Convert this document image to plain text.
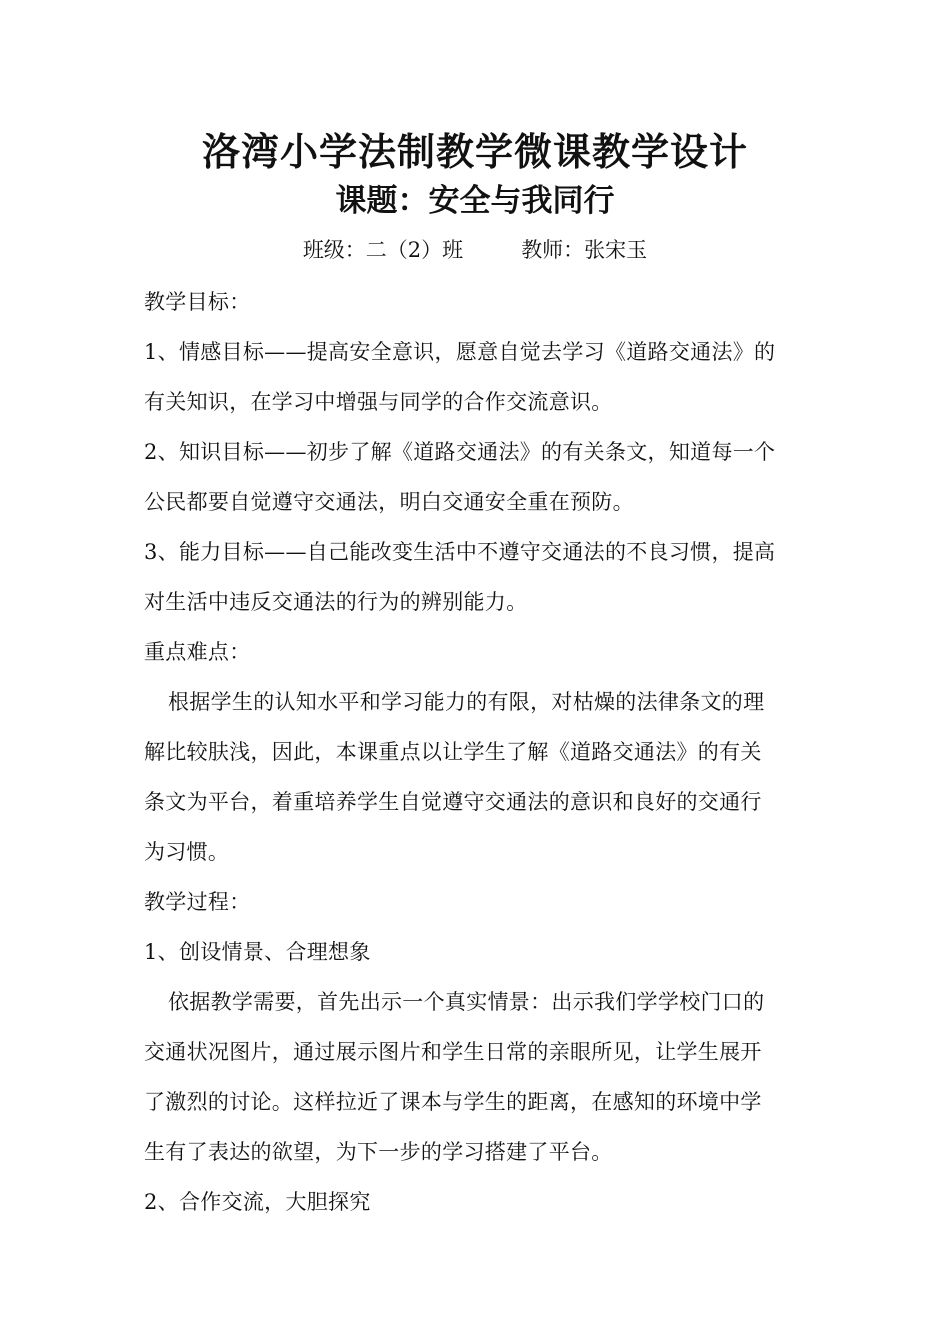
洛湾小学法制教学微课教学设计
课题：安全与我同行
班级：二（2）班	教师：张宋玉
教学目标：
1、情感目标——提高安全意识，愿意自觉去学习《道路交通法》的
有关知识，在学习中增强与同学的合作交流意识。
2、知识目标——初步了解《道路交通法》的有关条文，知道每一个
公民都要自觉遵守交通法，明白交通安全重在预防。
3、能力目标——自己能改变生活中不遵守交通法的不良习惯，提高
对生活中违反交通法的行为的辨别能力。
重点难点：
根据学生的认知水平和学习能力的有限，对枯燥的法律条文的理
解比较肤浅，因此，本课重点以让学生了解《道路交通法》的有关
条文为平台，着重培养学生自觉遵守交通法的意识和良好的交通行
为习惯。
教学过程：
1、创设情景、合理想象
依据教学需要，首先出示一个真实情景：出示我们学学校门口的
交通状况图片，通过展示图片和学生日常的亲眼所见，让学生展开
了激烈的讨论。这样拉近了课本与学生的距离，在感知的环境中学
生有了表达的欲望，为下一步的学习搭建了平台。
2、合作交流，大胆探究
